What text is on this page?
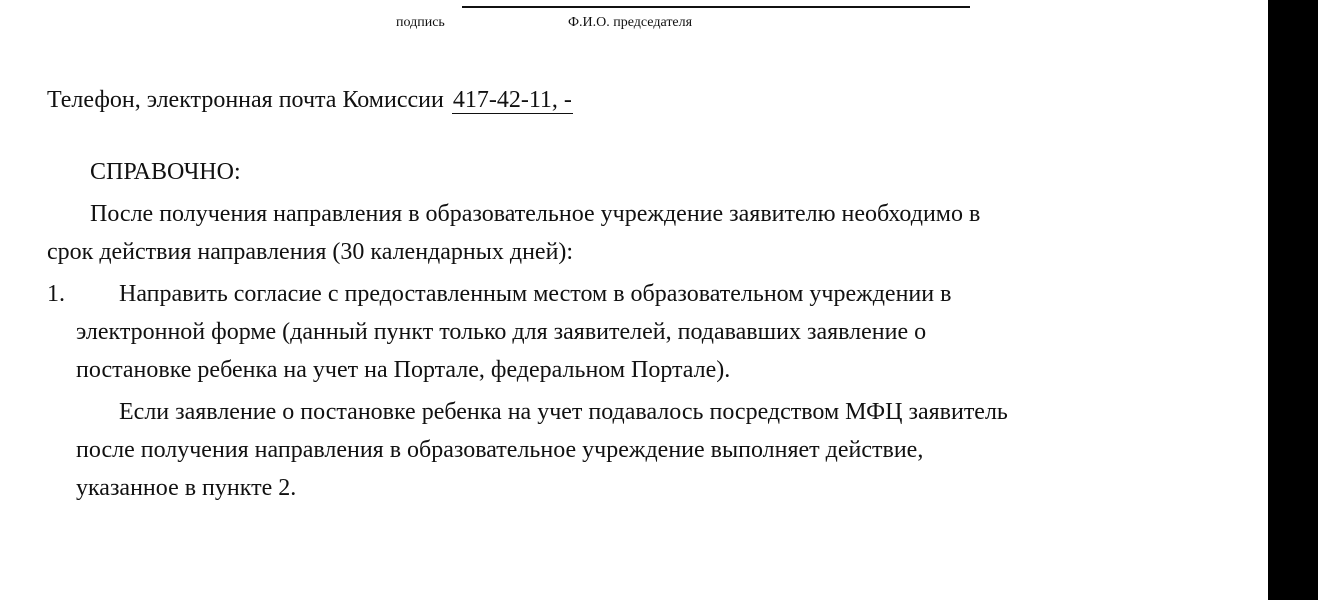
подпись	Ф.И.О. председателя
Телефон, электронная почта Комиссии 417-42-11, -
СПРАВОЧНО:
После получения направления в образовательное учреждение заявителю необходимо в
срок действия направления (30 календарных дней):
1. Направить согласие с предоставленным местом в образовательном учреждении в
электронной форме (данный пункт только для заявителей, подававших заявление о
постановке ребенка на учет на Портале, федеральном Портале).
Если заявление о постановке ребенка на учет подавалось посредством МФЦ заявитель
после получения направления в образовательное учреждение выполняет действие,
указанное в пункте 2.
